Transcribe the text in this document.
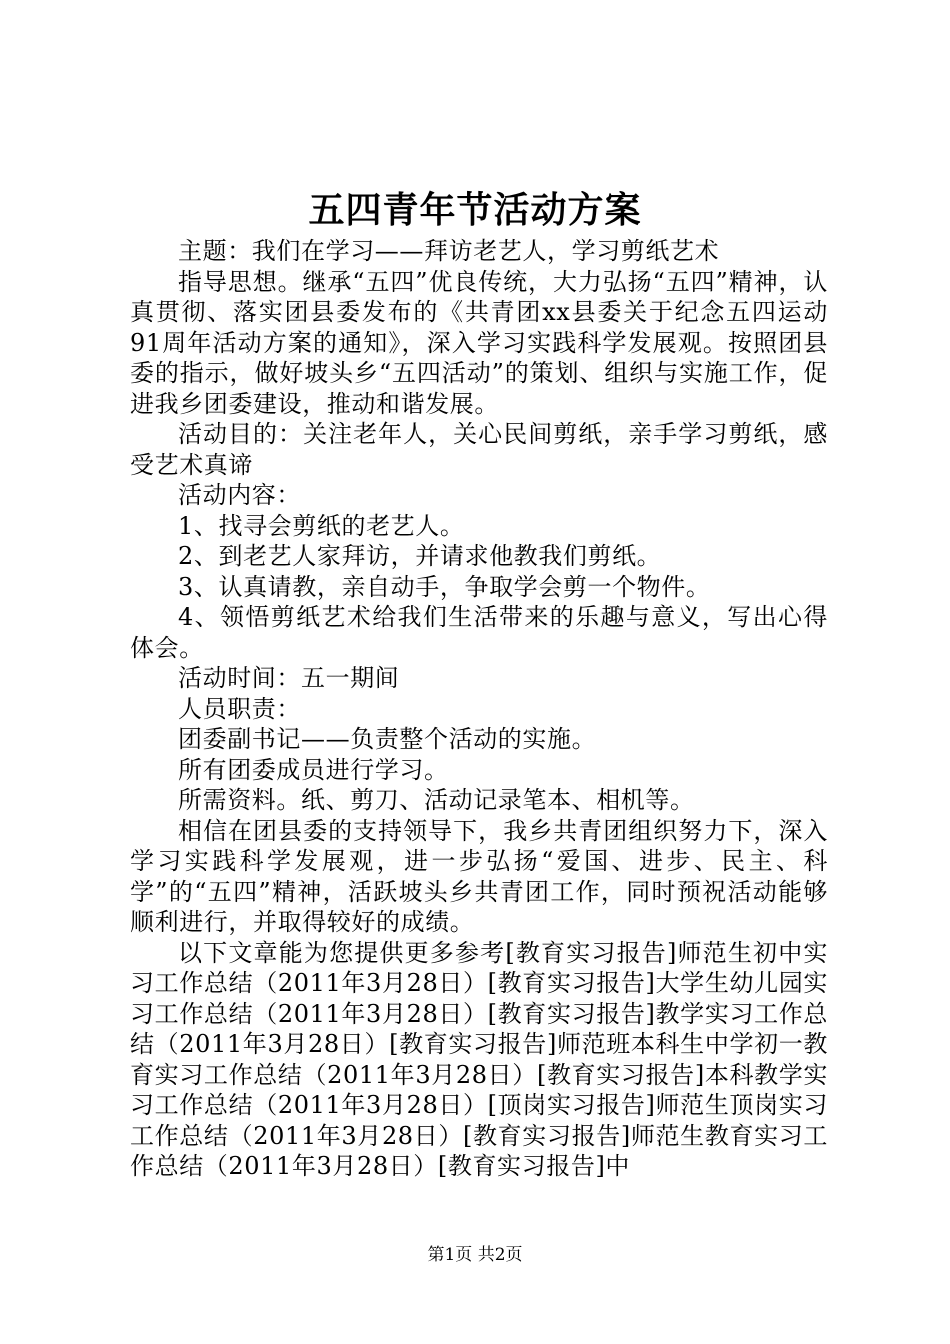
五四青年节活动方案

主题：我们在学习——拜访老艺人，学习剪纸艺术

指导思想。继承“五四”优良传统，大力弘扬“五四”精神，认真贯彻、落实团县委发布的《共青团xx县委关于纪念五四运动91周年活动方案的通知》，深入学习实践科学发展观。按照团县委的指示，做好坡头乡“五四活动”的策划、组织与实施工作，促进我乡团委建设，推动和谐发展。

活动目的：关注老年人，关心民间剪纸，亲手学习剪纸，感受艺术真谛

活动内容：

1、找寻会剪纸的老艺人。

2、到老艺人家拜访，并请求他教我们剪纸。

3、认真请教，亲自动手，争取学会剪一个物件。

4、领悟剪纸艺术给我们生活带来的乐趣与意义，写出心得体会。

活动时间：五一期间

人员职责：

团委副书记——负责整个活动的实施。

所有团委成员进行学习。

所需资料。纸、剪刀、活动记录笔本、相机等。

相信在团县委的支持领导下，我乡共青团组织努力下，深入学习实践科学发展观，进一步弘扬“爱国、进步、民主、科学”的“五四”精神，活跃坡头乡共青团工作，同时预祝活动能够顺利进行，并取得较好的成绩。

以下文章能为您提供更多参考[教育实习报告]师范生初中实习工作总结（2011年3月28日）[教育实习报告]大学生幼儿园实习工作总结（2011年3月28日）[教育实习报告]教学实习工作总结（2011年3月28日）[教育实习报告]师范班本科生中学初一教育实习工作总结（2011年3月28日）[教育实习报告]本科教学实习工作总结（2011年3月28日）[顶岗实习报告]师范生顶岗实习工作总结（2011年3月28日）[教育实习报告]师范生教育实习工作总结（2011年3月28日）[教育实习报告]中

第1页 共2页
